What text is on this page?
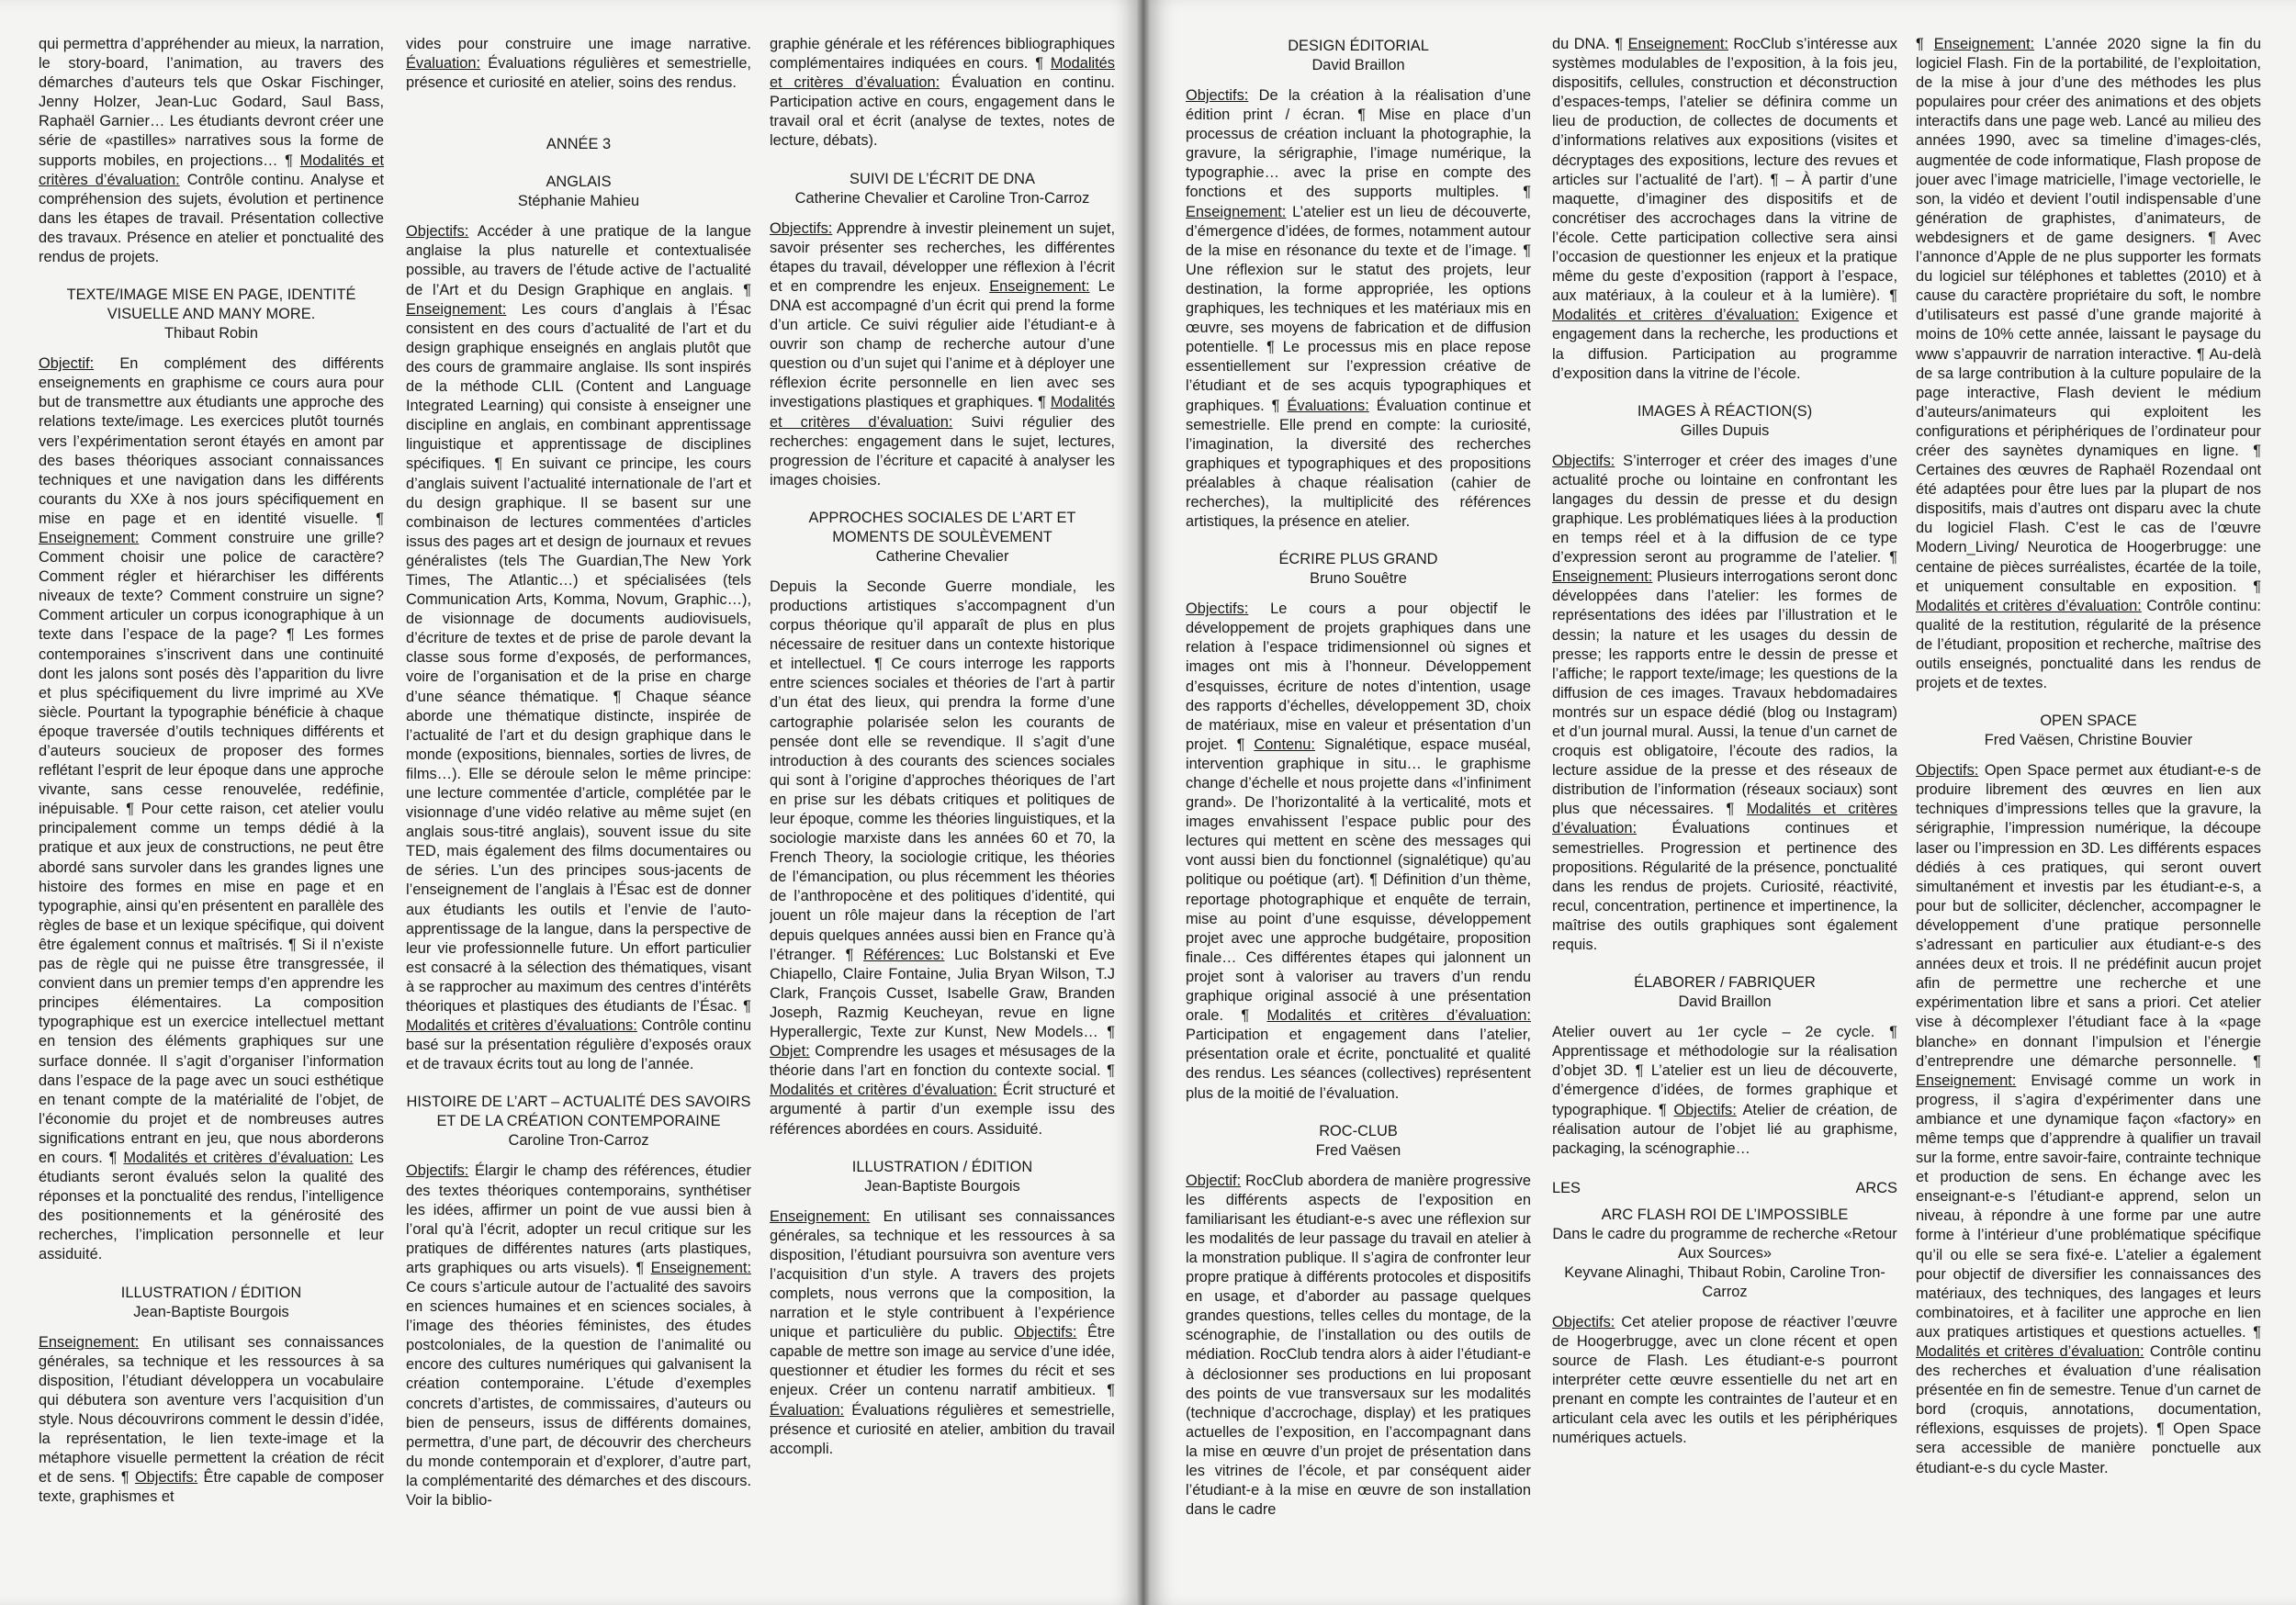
qui permettra d’appréhender au mieux, la narration, le story-board, l’animation, au travers des démarches d’auteurs tels que Oskar Fischinger, Jenny Holzer, Jean-Luc Godard, Saul Bass, Raphaël Garnier… Les étudiants devront créer une série de «pastilles» narratives sous la forme de supports mobiles, en projections… ¶ Modalités et critères d’évaluation: Contrôle continu. Analyse et compréhension des sujets, évolution et pertinence dans les étapes de travail. Présentation collective des travaux. Présence en atelier et ponctualité des rendus de projets.

TEXTE/IMAGE MISE EN PAGE, IDENTITÉ VISUELLE AND MANY MORE.
Thibaut Robin

Objectif: En complément des différents enseignements en graphisme ce cours aura pour but de transmettre aux étudiants une approche des relations texte/image. Les exercices plutôt tournés vers l’expérimentation seront étayés en amont par des bases théoriques associant connaissances techniques et une navigation dans les différents courants du XXe à nos jours spécifiquement en mise en page et en identité visuelle. ¶ Enseignement: Comment construire une grille? Comment choisir une police de caractère? Comment régler et hiérarchiser les différents niveaux de texte? Comment construire un signe? Comment articuler un corpus iconographique à un texte dans l’espace de la page? ¶ Les formes contemporaines s’inscrivent dans une continuité dont les jalons sont posés dès l’apparition du livre et plus spécifiquement du livre imprimé au XVe siècle. Pourtant la typographie bénéficie à chaque époque traversée d’outils techniques différents et d’auteurs soucieux de proposer des formes reflétant l’esprit de leur époque dans une approche vivante, sans cesse renouvelée, redéfinie, inépuisable. ¶ Pour cette raison, cet atelier voulu principalement comme un temps dédié à la pratique et aux jeux de constructions, ne peut être abordé sans survoler dans les grandes lignes une histoire des formes en mise en page et en typographie, ainsi qu’en présentent en parallèle des règles de base et un lexique spécifique, qui doivent être également connus et maîtrisés. ¶ Si il n’existe pas de règle qui ne puisse être transgressée, il convient dans un premier temps d’en apprendre les principes élémentaires. La composition typographique est un exercice intellectuel mettant en tension des éléments graphiques sur une surface donnée. Il s’agit d’organiser l’information dans l’espace de la page avec un souci esthétique en tenant compte de la matérialité de l’objet, de l’économie du projet et de nombreuses autres significations entrant en jeu, que nous aborderons en cours. ¶ Modalités et critères d’évaluation: Les étudiants seront évalués selon la qualité des réponses et la ponctualité des rendus, l’intelligence des positionnements et la générosité des recherches, l’implication personnelle et leur assiduité.

ILLUSTRATION / ÉDITION
Jean-Baptiste Bourgois

Enseignement: En utilisant ses connaissances générales, sa technique et les ressources à sa disposition, l’étudiant développera un vocabulaire qui débutera son aventure vers l’acquisition d’un style. Nous découvrirons comment le dessin d’idée, la représentation, le lien texte-image et la métaphore visuelle permettent la création de récit et de sens. ¶ Objectifs: Être capable de composer texte, graphismes et

vides pour construire une image narrative. Évaluation: Évaluations régulières et semestrielle, présence et curiosité en atelier, soins des rendus.

ANNÉE 3
ANGLAIS
Stéphanie Mahieu

Objectifs: Accéder à une pratique de la langue anglaise la plus naturelle et contextualisée possible, au travers de l’étude active de l’actualité de l’Art et du Design Graphique en anglais. ¶ Enseignement: Les cours d’anglais à l’Ésac consistent en des cours d’actualité de l’art et du design graphique enseignés en anglais plutôt que des cours de grammaire anglaise. Ils sont inspirés de la méthode CLIL (Content and Language Integrated Learning) qui consiste à enseigner une discipline en anglais, en combinant apprentissage linguistique et apprentissage de disciplines spécifiques. ¶ En suivant ce principe, les cours d’anglais suivent l’actualité internationale de l’art et du design graphique. Il se basent sur une combinaison de lectures commentées d’articles issus des pages art et design de journaux et revues généralistes (tels The Guardian,The New York Times, The Atlantic…) et spécialisées (tels Communication Arts, Komma, Novum, Graphic…), de visionnage de documents audiovisuels, d’écriture de textes et de prise de parole devant la classe sous forme d’exposés, de performances, voire de l’organisation et de la prise en charge d’une séance thématique. ¶ Chaque séance aborde une thématique distincte, inspirée de l’actualité de l’art et du design graphique dans le monde (expositions, biennales, sorties de livres, de films…). Elle se déroule selon le même principe: une lecture commentée d’article, complétée par le visionnage d’une vidéo relative au même sujet (en anglais sous-titré anglais), souvent issue du site TED, mais également des films documentaires ou de séries. L’un des principes sous-jacents de l’enseignement de l’anglais à l’Ésac est de donner aux étudiants les outils et l’envie de l’auto-apprentissage de la langue, dans la perspective de leur vie professionnelle future. Un effort particulier est consacré à la sélection des thématiques, visant à se rapprocher au maximum des centres d’intérêts théoriques et plastiques des étudiants de l’Ésac. ¶ Modalités et critères d’évaluations: Contrôle continu basé sur la présentation régulière d’exposés oraux et de travaux écrits tout au long de l’année.

HISTOIRE DE L’ART – ACTUALITÉ DES SAVOIRS ET DE LA CRÉATION CONTEMPORAINE
Caroline Tron-Carroz

Objectifs: Élargir le champ des références, étudier des textes théoriques contemporains, synthétiser les idées, affirmer un point de vue aussi bien à l’oral qu’à l’écrit, adopter un recul critique sur les pratiques de différentes natures (arts plastiques, arts graphiques ou arts visuels). ¶ Enseignement: Ce cours s’articule autour de l’actualité des savoirs en sciences humaines et en sciences sociales, à l’image des théories féministes, des études postcoloniales, de la question de l’animalité ou encore des cultures numériques qui galvanisent la création contemporaine. L’étude d’exemples concrets d’artistes, de commissaires, d’auteurs ou bien de penseurs, issus de différents domaines, permettra, d’une part, de découvrir des chercheurs du monde contemporain et d’explorer, d’autre part, la complémentarité des démarches et des discours. Voir la biblio-

graphie générale et les références bibliographiques complémentaires indiquées en cours. ¶ Modalités et critères d’évaluation: Évaluation en continu. Participation active en cours, engagement dans le travail oral et écrit (analyse de textes, notes de lecture, débats).

SUIVI DE L’ÉCRIT DE DNA
Catherine Chevalier et Caroline Tron-Carroz

Objectifs: Apprendre à investir pleinement un sujet, savoir présenter ses recherches, les différentes étapes du travail, développer une réflexion à l’écrit et en comprendre les enjeux. Enseignement: Le DNA est accompagné d’un écrit qui prend la forme d’un article. Ce suivi régulier aide l’étudiant-e à ouvrir son champ de recherche autour d’une question ou d’un sujet qui l’anime et à déployer une réflexion écrite personnelle en lien avec ses investigations plastiques et graphiques. ¶ Modalités et critères d’évaluation: Suivi régulier des recherches: engagement dans le sujet, lectures, progression de l’écriture et capacité à analyser les images choisies.

APPROCHES SOCIALES DE L’ART ET MOMENTS DE SOULÈVEMENT
Catherine Chevalier

Depuis la Seconde Guerre mondiale, les productions artistiques s’accompagnent d’un corpus théorique qu’il apparaît de plus en plus nécessaire de resituer dans un contexte historique et intellectuel. ¶ Ce cours interroge les rapports entre sciences sociales et théories de l’art à partir d’un état des lieux, qui prendra la forme d’une cartographie polarisée selon les courants de pensée dont elle se revendique. Il s’agit d’une introduction à des courants des sciences sociales qui sont à l’origine d’approches théoriques de l’art en prise sur les débats critiques et politiques de leur époque, comme les théories linguistiques, et la sociologie marxiste dans les années 60 et 70, la French Theory, la sociologie critique, les théories de l’émancipation, ou plus récemment les théories de l’anthropocène et des politiques d’identité, qui jouent un rôle majeur dans la réception de l’art depuis quelques années aussi bien en France qu’à l’étranger. ¶ Références: Luc Bolstanski et Eve Chiapello, Claire Fontaine, Julia Bryan Wilson, T.J Clark, François Cusset, Isabelle Graw, Branden Joseph, Razmig Keucheyan, revue en ligne Hyperallergic, Texte zur Kunst, New Models… ¶ Objet: Comprendre les usages et mésusages de la théorie dans l’art en fonction du contexte social. ¶ Modalités et critères d’évaluation: Écrit structuré et argumenté à partir d’un exemple issu des références abordées en cours. Assiduité.

ILLUSTRATION / ÉDITION
Jean-Baptiste Bourgois

Enseignement: En utilisant ses connaissances générales, sa technique et les ressources à sa disposition, l’étudiant poursuivra son aventure vers l’acquisition d’un style. A travers des projets complets, nous verrons que la composition, la narration et le style contribuent à l’expérience unique et particulière du public. Objectifs: Être capable de mettre son image au service d’une idée, questionner et étudier les formes du récit et ses enjeux. Créer un contenu narratif ambitieux. ¶ Évaluation: Évaluations régulières et semestrielle, présence et curiosité en atelier, ambition du travail accompli.

DESIGN ÉDITORIAL
David Braillon

Objectifs: De la création à la réalisation d’une édition print / écran. ¶ Mise en place d’un processus de création incluant la photographie, la gravure, la sérigraphie, l’image numérique, la typographie… avec la prise en compte des fonctions et des supports multiples. ¶ Enseignement: L’atelier est un lieu de découverte, d’émergence d’idées, de formes, notamment autour de la mise en résonance du texte et de l’image. ¶ Une réflexion sur le statut des projets, leur destination, la forme appropriée, les options graphiques, les techniques et les matériaux mis en œuvre, ses moyens de fabrication et de diffusion potentielle. ¶ Le processus mis en place repose essentiellement sur l’expression créative de l’étudiant et de ses acquis typographiques et graphiques. ¶ Évaluations: Évaluation continue et semestrielle. Elle prend en compte: la curiosité, l’imagination, la diversité des recherches graphiques et typographiques et des propositions préalables à chaque réalisation (cahier de recherches), la multiplicité des références artistiques, la présence en atelier.

ÉCRIRE PLUS GRAND
Bruno Souêtre

Objectifs: Le cours a pour objectif le développement de projets graphiques dans une relation à l’espace tridimensionnel où signes et images ont mis à l’honneur. Développement d’esquisses, écriture de notes d’intention, usage des rapports d’échelles, développement 3D, choix de matériaux, mise en valeur et présentation d’un projet. ¶ Contenu: Signalétique, espace muséal, intervention graphique in situ… le graphisme change d’échelle et nous projette dans «l’infiniment grand». De l’horizontalité à la verticalité, mots et images envahissent l’espace public pour des lectures qui mettent en scène des messages qui vont aussi bien du fonctionnel (signalétique) qu’au politique ou poétique (art). ¶ Définition d’un thème, reportage photographique et enquête de terrain, mise au point d’une esquisse, développement projet avec une approche budgétaire, proposition finale… Ces différentes étapes qui jalonnent un projet sont à valoriser au travers d’un rendu graphique original associé à une présentation orale. ¶ Modalités et critères d’évaluation: Participation et engagement dans l’atelier, présentation orale et écrite, ponctualité et qualité des rendus. Les séances (collectives) représentent plus de la moitié de l’évaluation.

ROC-CLUB
Fred Vaësen

Objectif: RocClub abordera de manière progressive les différents aspects de l’exposition en familiarisant les étudiant-e-s avec une réflexion sur les modalités de leur passage du travail en atelier à la monstration publique. Il s’agira de confronter leur propre pratique à différents protocoles et dispositifs en usage, et d’aborder au passage quelques grandes questions, telles celles du montage, de la scénographie, de l’installation ou des outils de médiation. RocClub tendra alors à aider l’étudiant-e à déclosionner ses productions en lui proposant des points de vue transversaux sur les modalités (technique d’accrochage, display) et les pratiques actuelles de l’exposition, en l’accompagnant dans la mise en œuvre d’un projet de présentation dans les vitrines de l’école, et par conséquent aider l’étudiant-e à la mise en œuvre de son installation dans le cadre

du DNA. ¶ Enseignement: RocClub s’intéresse aux systèmes modulables de l’exposition, à la fois jeu, dispositifs, cellules, construction et déconstruction d’espaces-temps, l’atelier se définira comme un lieu de production, de collectes de documents et d’informations relatives aux expositions (visites et décryptages des expositions, lecture des revues et articles sur l’actualité de l’art). ¶ – À partir d’une maquette, d’imaginer des dispositifs et de concrétiser des accrochages dans la vitrine de l’école. Cette participation collective sera ainsi l’occasion de questionner les enjeux et la pratique même du geste d’exposition (rapport à l’espace, aux matériaux, à la couleur et à la lumière). ¶ Modalités et critères d’évaluation: Exigence et engagement dans la recherche, les productions et la diffusion. Participation au programme d’exposition dans la vitrine de l’école.

IMAGES À RÉACTION(S)
Gilles Dupuis

Objectifs: S’interroger et créer des images d’une actualité proche ou lointaine en confrontant les langages du dessin de presse et du design graphique. Les problématiques liées à la production en temps réel et à la diffusion de ce type d’expression seront au programme de l’atelier. ¶ Enseignement: Plusieurs interrogations seront donc développées dans l’atelier: les formes de représentations des idées par l’illustration et le dessin; la nature et les usages du dessin de presse; les rapports entre le dessin de presse et l’affiche; le rapport texte/image; les questions de la diffusion de ces images. Travaux hebdomadaires montrés sur un espace dédié (blog ou Instagram) et d’un journal mural. Aussi, la tenue d’un carnet de croquis est obligatoire, l’écoute des radios, la lecture assidue de la presse et des réseaux de distribution de l’information (réseaux sociaux) sont plus que nécessaires. ¶ Modalités et critères d’évaluation: Évaluations continues et semestrielles. Progression et pertinence des propositions. Régularité de la présence, ponctualité dans les rendus de projets. Curiosité, réactivité, recul, concentration, pertinence et impertinence, la maîtrise des outils graphiques sont également requis.

ÉLABORER / FABRIQUER
David Braillon

Atelier ouvert au 1er cycle – 2e cycle. ¶ Apprentissage et méthodologie sur la réalisation d’objet 3D. ¶ L’atelier est un lieu de découverte, d’émergence d’idées, de formes graphique et typographique. ¶ Objectifs: Atelier de création, de réalisation autour de l’objet lié au graphisme, packaging, la scénographie…

LES	ARCS
ARC FLASH ROI DE L’IMPOSSIBLE
Dans le cadre du programme de recherche «Retour Aux Sources»
Keyvane Alinaghi, Thibaut Robin, Caroline Tron-Carroz

Objectifs: Cet atelier propose de réactiver l’œuvre de Hoogerbrugge, avec un clone récent et open source de Flash. Les étudiant-e-s pourront interpréter cette œuvre essentielle du net art en prenant en compte les contraintes de l’auteur et en articulant cela avec les outils et les périphériques numériques actuels.

¶ Enseignement: L’année 2020 signe la fin du logiciel Flash. Fin de la portabilité, de l’exploitation, de la mise à jour d’une des méthodes les plus populaires pour créer des animations et des objets interactifs dans une page web. Lancé au milieu des années 1990, avec sa timeline d’images-clés, augmentée de code informatique, Flash propose de jouer avec l’image matricielle, l’image vectorielle, le son, la vidéo et devient l’outil indispensable d’une génération de graphistes, d’animateurs, de webdesigners et de game designers. ¶ Avec l’annonce d’Apple de ne plus supporter les formats du logiciel sur téléphones et tablettes (2010) et à cause du caractère propriétaire du soft, le nombre d’utilisateurs est passé d’une grande majorité à moins de 10% cette année, laissant le paysage du www s’appauvrir de narration interactive. ¶ Au-delà de sa large contribution à la culture populaire de la page interactive, Flash devient le médium d’auteurs/animateurs qui exploitent les configurations et périphériques de l’ordinateur pour créer des saynètes dynamiques en ligne. ¶ Certaines des œuvres de Raphaël Rozendaal ont été adaptées pour être lues par la plupart de nos dispositifs, mais d’autres ont disparu avec la chute du logiciel Flash. C’est le cas de l’œuvre Modern_Living/ Neurotica de Hoogerbrugge: une centaine de pièces surréalistes, écartée de la toile, et uniquement consultable en exposition. ¶ Modalités et critères d’évaluation: Contrôle continu: qualité de la restitution, régularité de la présence de l’étudiant, proposition et recherche, maîtrise des outils enseignés, ponctualité dans les rendus de projets et de textes.

OPEN SPACE
Fred Vaësen, Christine Bouvier

Objectifs: Open Space permet aux étudiant-e-s de produire librement des œuvres en lien aux techniques d’impressions telles que la gravure, la sérigraphie, l’impression numérique, la découpe laser ou l’impression en 3D. Les différents espaces dédiés à ces pratiques, qui seront ouvert simultanément et investis par les étudiant-e-s, a pour but de solliciter, déclencher, accompagner le développement d’une pratique personnelle s’adressant en particulier aux étudiant-e-s des années deux et trois. Il ne prédéfinit aucun projet afin de permettre une recherche et une expérimentation libre et sans a priori. Cet atelier vise à décomplexer l’étudiant face à la «page blanche» en donnant l’impulsion et l’énergie d’entreprendre une démarche personnelle. ¶ Enseignement: Envisagé comme un work in progress, il s’agira d’expérimenter dans une ambiance et une dynamique façon «factory» en même temps que d’apprendre à qualifier un travail sur la forme, entre savoir-faire, contrainte technique et production de sens. En échange avec les enseignant-e-s l’étudiant-e apprend, selon un niveau, à répondre à une forme par une autre forme à l’intérieur d’une problématique spécifique qu’il ou elle se sera fixé-e. L’atelier a également pour objectif de diversifier les connaissances des matériaux, des techniques, des langages et leurs combinatoires, et à faciliter une approche en lien aux pratiques artistiques et questions actuelles. ¶ Modalités et critères d’évaluation: Contrôle continu des recherches et évaluation d’une réalisation présentée en fin de semestre. Tenue d’un carnet de bord (croquis, annotations, documentation, réflexions, esquisses de projets). ¶ Open Space sera accessible de manière ponctuelle aux étudiant-e-s du cycle Master.
